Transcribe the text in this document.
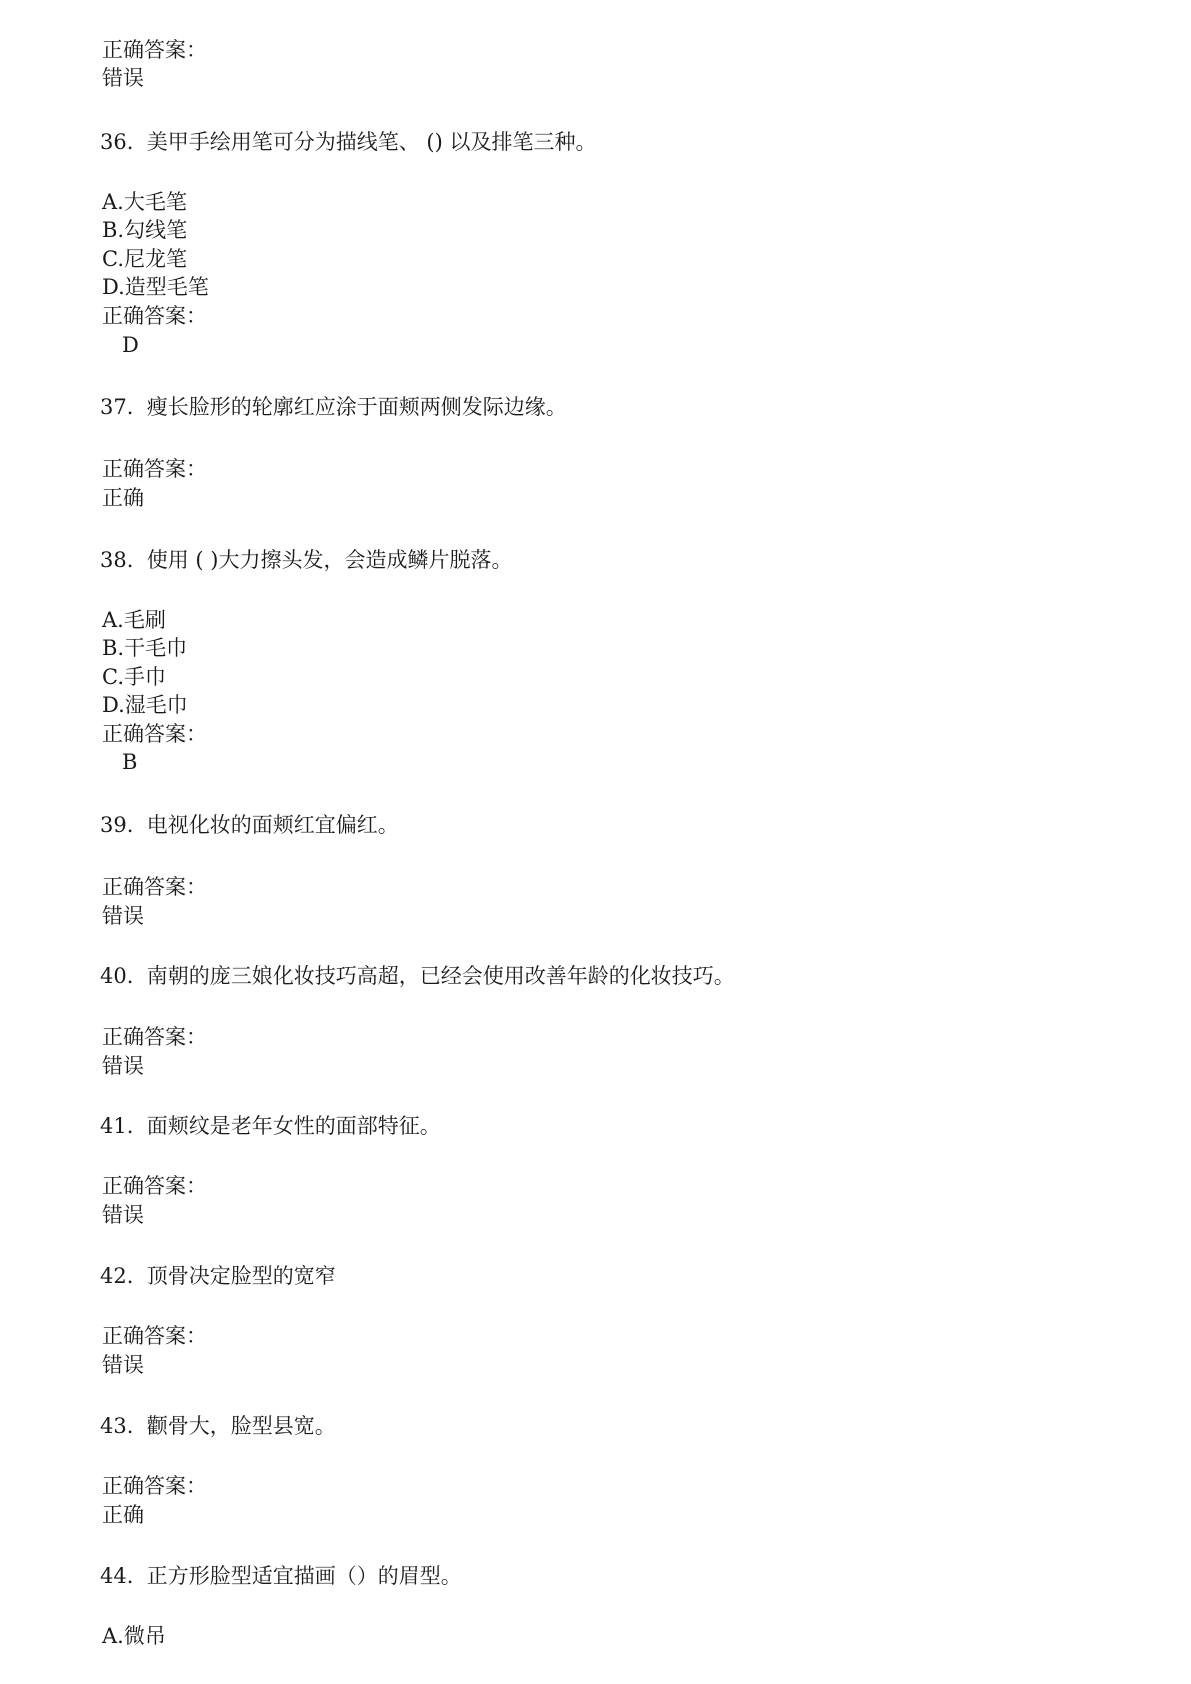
正确答案：
错误
36.  美甲手绘用笔可分为描线笔、 () 以及排笔三种。
A.大毛笔
B.勾线笔
C.尼龙笔
D.造型毛笔
正确答案：
D
37.  瘦长脸形的轮廓红应涂于面颊两侧发际边缘。
正确答案：
正确
38.  使用 ( )大力擦头发，会造成鳞片脱落。
A.毛刷
B.干毛巾
C.手巾
D.湿毛巾
正确答案：
B
39.  电视化妆的面颊红宜偏红。
正确答案：
错误
40.  南朝的庞三娘化妆技巧高超，已经会使用改善年龄的化妆技巧。
正确答案：
错误
41.  面颊纹是老年女性的面部特征。
正确答案：
错误
42.  顶骨决定脸型的宽窄
正确答案：
错误
43.  颧骨大，脸型县宽。
正确答案：
正确
44.  正方形脸型适宜描画（）的眉型。
A.微吊
